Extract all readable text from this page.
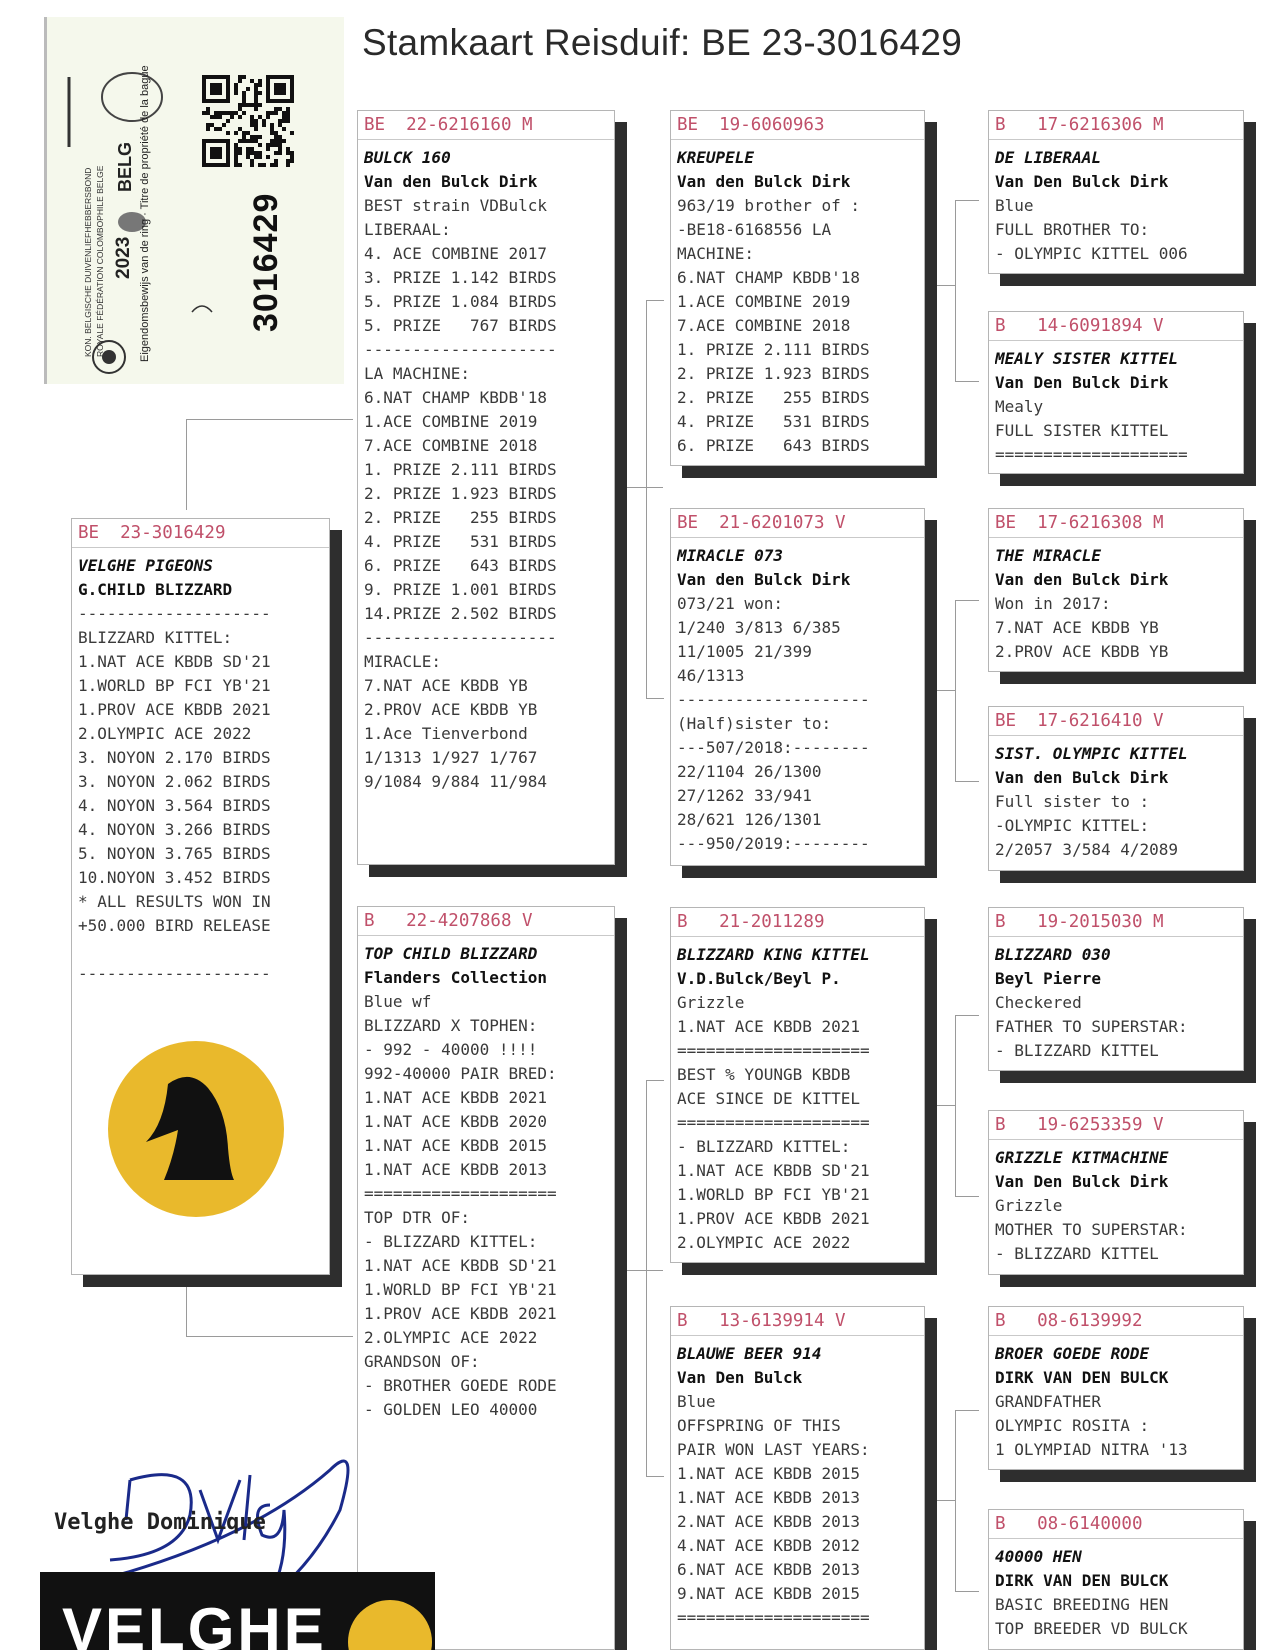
Stamkaart Reisduif: BE 23-3016429
KON. BELGISCHE DUIVENLIEFHEBBERSBOND ROYALE FÉDÉRATION COLOMBOPHILE BELGE 2023
BELG Eigendomsbewijs van de ring · Titre de propriété de la bague	3016429
BE  23-3016429
VELGHE PIGEONS
G.CHILD BLIZZARD
--------------------
BLIZZARD KITTEL:
1.NAT ACE KBDB SD'21
1.WORLD BP FCI YB'21
1.PROV ACE KBDB 2021
2.OLYMPIC ACE 2022
3. NOYON 2.170 BIRDS
3. NOYON 2.062 BIRDS
4. NOYON 3.564 BIRDS
4. NOYON 3.266 BIRDS
5. NOYON 3.765 BIRDS
10.NOYON 3.452 BIRDS
* ALL RESULTS WON IN
+50.000 BIRD RELEASE
--------------------
BE  22-6216160 M
BULCK 160
Van den Bulck Dirk
BEST strain VDBulck
LIBERAAL:
4. ACE COMBINE 2017
3. PRIZE 1.142 BIRDS
5. PRIZE 1.084 BIRDS
5. PRIZE   767 BIRDS
--------------------
LA MACHINE:
6.NAT CHAMP KBDB'18
1.ACE COMBINE 2019
7.ACE COMBINE 2018
1. PRIZE 2.111 BIRDS
2. PRIZE 1.923 BIRDS
2. PRIZE   255 BIRDS
4. PRIZE   531 BIRDS
6. PRIZE   643 BIRDS
9. PRIZE 1.001 BIRDS
14.PRIZE 2.502 BIRDS
--------------------
MIRACLE:
7.NAT ACE KBDB YB
2.PROV ACE KBDB YB
1.Ace Tienverbond
1/1313 1/927 1/767
9/1084 9/884 11/984
B   22-4207868 V
TOP CHILD BLIZZARD
Flanders Collection
Blue wf
BLIZZARD X TOPHEN:
- 992 - 40000 !!!!
992-40000 PAIR BRED:
1.NAT ACE KBDB 2021
1.NAT ACE KBDB 2020
1.NAT ACE KBDB 2015
1.NAT ACE KBDB 2013
====================
TOP DTR OF:
- BLIZZARD KITTEL:
1.NAT ACE KBDB SD'21
1.WORLD BP FCI YB'21
1.PROV ACE KBDB 2021
2.OLYMPIC ACE 2022
GRANDSON OF:
- BROTHER GOEDE RODE
- GOLDEN LEO 40000
BE  19-6060963
KREUPELE
Van den Bulck Dirk
963/19 brother of :
-BE18-6168556 LA
MACHINE:
6.NAT CHAMP KBDB'18
1.ACE COMBINE 2019
7.ACE COMBINE 2018
1. PRIZE 2.111 BIRDS
2. PRIZE 1.923 BIRDS
2. PRIZE   255 BIRDS
4. PRIZE   531 BIRDS
6. PRIZE   643 BIRDS
BE  21-6201073 V
MIRACLE 073
Van den Bulck Dirk
073/21 won:
1/240 3/813 6/385
11/1005 21/399
46/1313
--------------------
(Half)sister to:
---507/2018:--------
22/1104 26/1300
27/1262 33/941
28/621 126/1301
---950/2019:--------
B   21-2011289
BLIZZARD KING KITTEL
V.D.Bulck/Beyl P.
Grizzle
1.NAT ACE KBDB 2021
====================
BEST % YOUNGB KBDB
ACE SINCE DE KITTEL
====================
- BLIZZARD KITTEL:
1.NAT ACE KBDB SD'21
1.WORLD BP FCI YB'21
1.PROV ACE KBDB 2021
2.OLYMPIC ACE 2022
B   13-6139914 V
BLAUWE BEER 914
Van Den Bulck
Blue
OFFSPRING OF THIS
PAIR WON LAST YEARS:
1.NAT ACE KBDB 2015
1.NAT ACE KBDB 2013
2.NAT ACE KBDB 2013
4.NAT ACE KBDB 2012
6.NAT ACE KBDB 2013
9.NAT ACE KBDB 2015
====================
B   17-6216306 M
DE LIBERAAL
Van Den Bulck Dirk
Blue
FULL BROTHER TO:
- OLYMPIC KITTEL 006
B   14-6091894 V
MEALY SISTER KITTEL
Van Den Bulck Dirk
Mealy
FULL SISTER KITTEL
====================
BE  17-6216308 M
THE MIRACLE
Van den Bulck Dirk
Won in 2017:
7.NAT ACE KBDB YB
2.PROV ACE KBDB YB
BE  17-6216410 V
SIST. OLYMPIC KITTEL
Van den Bulck Dirk
Full sister to :
-OLYMPIC KITTEL:
2/2057 3/584 4/2089
B   19-2015030 M
BLIZZARD 030
Beyl Pierre
Checkered
FATHER TO SUPERSTAR:
- BLIZZARD KITTEL
B   19-6253359 V
GRIZZLE KITMACHINE
Van Den Bulck Dirk
Grizzle
MOTHER TO SUPERSTAR:
- BLIZZARD KITTEL
B   08-6139992
BROER GOEDE RODE
DIRK VAN DEN BULCK
GRANDFATHER
OLYMPIC ROSITA :
1 OLYMPIAD NITRA '13
B   08-6140000
40000 HEN
DIRK VAN DEN BULCK
BASIC BREEDING HEN
TOP BREEDER VD BULCK
Velghe Dominique
VELGHE
